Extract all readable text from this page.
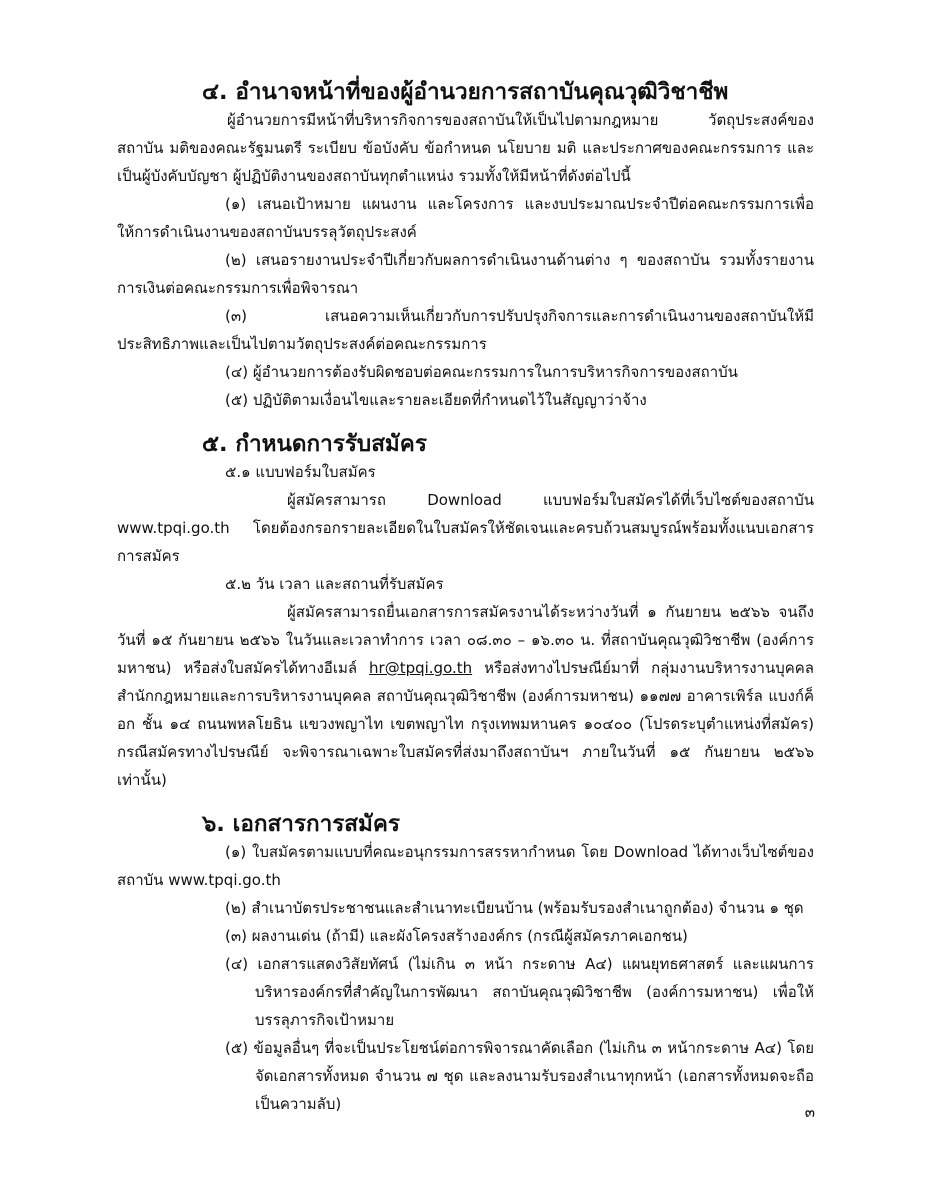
๔. อำนาจหน้าที่ของผู้อำนวยการสถาบันคุณวุฒิวิชาชีพ

ผู้อำนวยการมีหน้าที่บริหารกิจการของสถาบันให้เป็นไปตามกฎหมาย วัตถุประสงค์ของสถาบัน มติของคณะรัฐมนตรี ระเบียบ ข้อบังคับ ข้อกำหนด นโยบาย มติ และประกาศของคณะกรรมการ และเป็นผู้บังคับบัญชา ผู้ปฏิบัติงานของสถาบันทุกตำแหน่ง รวมทั้งให้มีหน้าที่ดังต่อไปนี้

(๑) เสนอเป้าหมาย แผนงาน และโครงการ และงบประมาณประจำปีต่อคณะกรรมการเพื่อให้การดำเนินงานของสถาบันบรรลุวัตถุประสงค์

(๒) เสนอรายงานประจำปีเกี่ยวกับผลการดำเนินงานด้านต่าง ๆ ของสถาบัน รวมทั้งรายงานการเงินต่อคณะกรรมการเพื่อพิจารณา

(๓) เสนอความเห็นเกี่ยวกับการปรับปรุงกิจการและการดำเนินงานของสถาบันให้มีประสิทธิภาพและเป็นไปตามวัตถุประสงค์ต่อคณะกรรมการ

(๔) ผู้อำนวยการต้องรับผิดชอบต่อคณะกรรมการในการบริหารกิจการของสถาบัน

(๕) ปฏิบัติตามเงื่อนไขและรายละเอียดที่กำหนดไว้ในสัญญาว่าจ้าง

๕. กำหนดการรับสมัคร

๕.๑ แบบฟอร์มใบสมัคร

ผู้สมัครสามารถ Download แบบฟอร์มใบสมัครได้ที่เว็บไซต์ของสถาบัน www.tpqi.go.th โดยต้องกรอกรายละเอียดในใบสมัครให้ชัดเจนและครบถ้วนสมบูรณ์พร้อมทั้งแนบเอกสารการสมัคร

๕.๒ วัน เวลา และสถานที่รับสมัคร

ผู้สมัครสามารถยื่นเอกสารการสมัครงานได้ระหว่างวันที่ ๑ กันยายน ๒๕๖๖ จนถึงวันที่ ๑๕ กันยายน ๒๕๖๖ ในวันและเวลาทำการ เวลา ๐๘.๓๐ – ๑๖.๓๐ น. ที่สถาบันคุณวุฒิวิชาชีพ (องค์การมหาชน) หรือส่งใบสมัครได้ทางอีเมล์ hr@tpqi.go.th หรือส่งทางไปรษณีย์มาที่ กลุ่มงานบริหารงานบุคคล สำนักกฎหมายและการบริหารงานบุคคล สถาบันคุณวุฒิวิชาชีพ (องค์การมหาชน) ๑๑๗๗ อาคารเพิร์ล แบงก์ค็อก ชั้น ๑๔ ถนนพหลโยธิน แขวงพญาไท เขตพญาไท กรุงเทพมหานคร ๑๐๔๐๐ (โปรดระบุตำแหน่งที่สมัคร) กรณีสมัครทางไปรษณีย์ จะพิจารณาเฉพาะใบสมัครที่ส่งมาถึงสถาบันฯ ภายในวันที่ ๑๕ กันยายน ๒๕๖๖ เท่านั้น)

๖. เอกสารการสมัคร

(๑) ใบสมัครตามแบบที่คณะอนุกรรมการสรรหากำหนด โดย Download ได้ทางเว็บไซต์ของสถาบัน www.tpqi.go.th

(๒) สำเนาบัตรประชาชนและสำเนาทะเบียนบ้าน (พร้อมรับรองสำเนาถูกต้อง) จำนวน ๑ ชุด

(๓) ผลงานเด่น (ถ้ามี) และผังโครงสร้างองค์กร (กรณีผู้สมัครภาคเอกชน)

(๔) เอกสารแสดงวิสัยทัศน์ (ไม่เกิน ๓ หน้า กระดาษ A๔) แผนยุทธศาสตร์ และแผนการบริหารองค์กรที่สำคัญในการพัฒนา สถาบันคุณวุฒิวิชาชีพ (องค์การมหาชน) เพื่อให้บรรลุภารกิจเป้าหมาย

(๕) ข้อมูลอื่นๆ ที่จะเป็นประโยชน์ต่อการพิจารณาคัดเลือก (ไม่เกิน ๓ หน้ากระดาษ A๔) โดยจัดเอกสารทั้งหมด จำนวน ๗ ชุด และลงนามรับรองสำเนาทุกหน้า (เอกสารทั้งหมดจะถือเป็นความลับ)	๓
